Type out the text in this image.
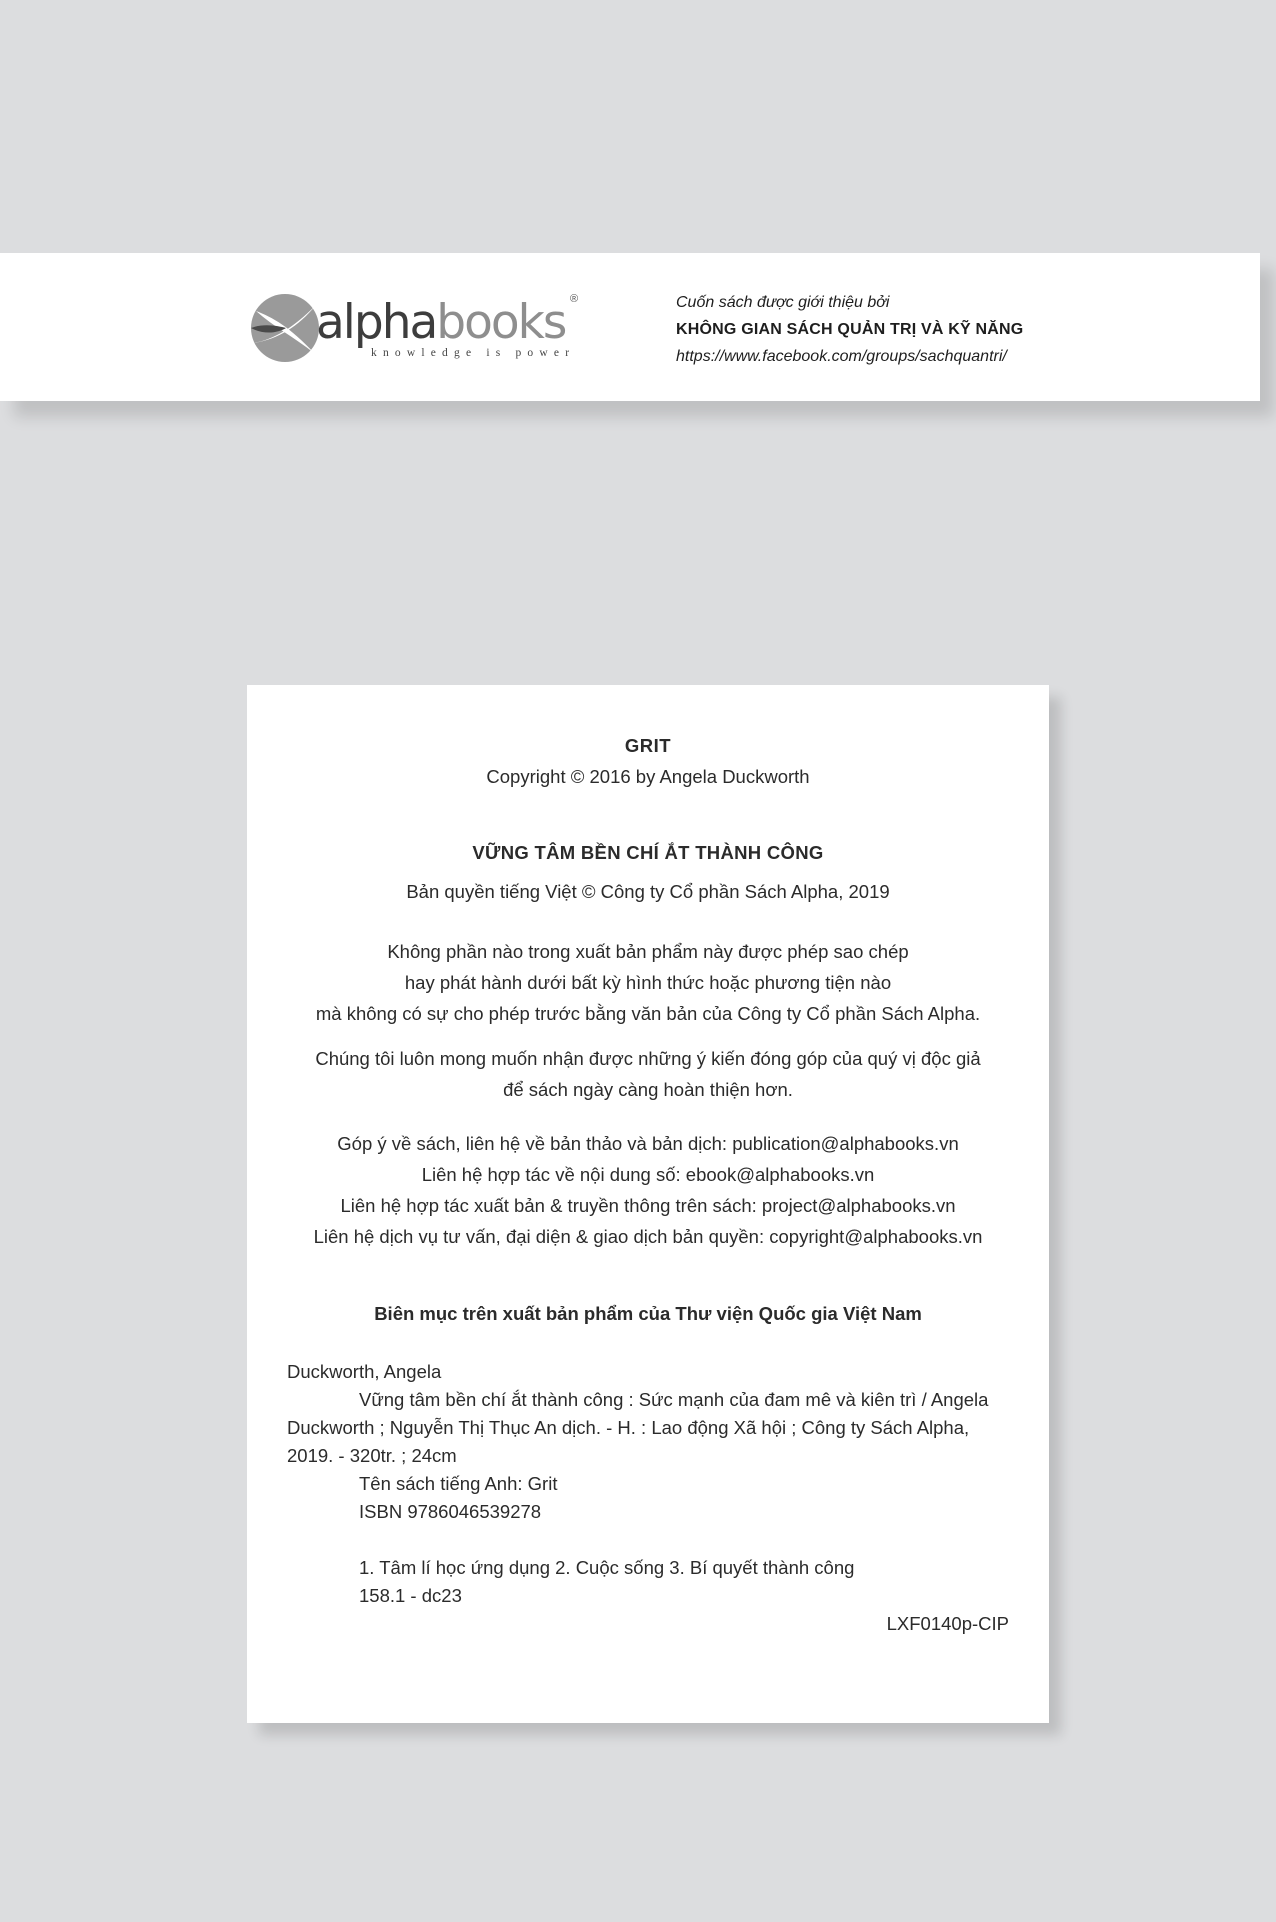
alphabooks ®
knowledge is power
Cuốn sách được giới thiệu bởi
KHÔNG GIAN SÁCH QUẢN TRỊ VÀ KỸ NĂNG
https://www.facebook.com/groups/sachquantri/
GRIT
Copyright © 2016 by Angela Duckworth
VỮNG TÂM BỀN CHÍ ẮT THÀNH CÔNG
Bản quyền tiếng Việt © Công ty Cổ phần Sách Alpha, 2019
Không phần nào trong xuất bản phẩm này được phép sao chép
hay phát hành dưới bất kỳ hình thức hoặc phương tiện nào
mà không có sự cho phép trước bằng văn bản của Công ty Cổ phần Sách Alpha.
Chúng tôi luôn mong muốn nhận được những ý kiến đóng góp của quý vị độc giả
để sách ngày càng hoàn thiện hơn.
Góp ý về sách, liên hệ về bản thảo và bản dịch: publication@alphabooks.vn
Liên hệ hợp tác về nội dung số: ebook@alphabooks.vn
Liên hệ hợp tác xuất bản & truyền thông trên sách: project@alphabooks.vn
Liên hệ dịch vụ tư vấn, đại diện & giao dịch bản quyền: copyright@alphabooks.vn
Biên mục trên xuất bản phẩm của Thư viện Quốc gia Việt Nam
Duckworth, Angela
Vững tâm bền chí ắt thành công : Sức mạnh của đam mê và kiên trì / Angela
Duckworth ; Nguyễn Thị Thục An dịch. - H. : Lao động Xã hội ; Công ty Sách Alpha,
2019. - 320tr. ; 24cm
Tên sách tiếng Anh: Grit
ISBN 9786046539278
1. Tâm lí học ứng dụng 2. Cuộc sống 3. Bí quyết thành công
158.1 - dc23
LXF0140p-CIP
